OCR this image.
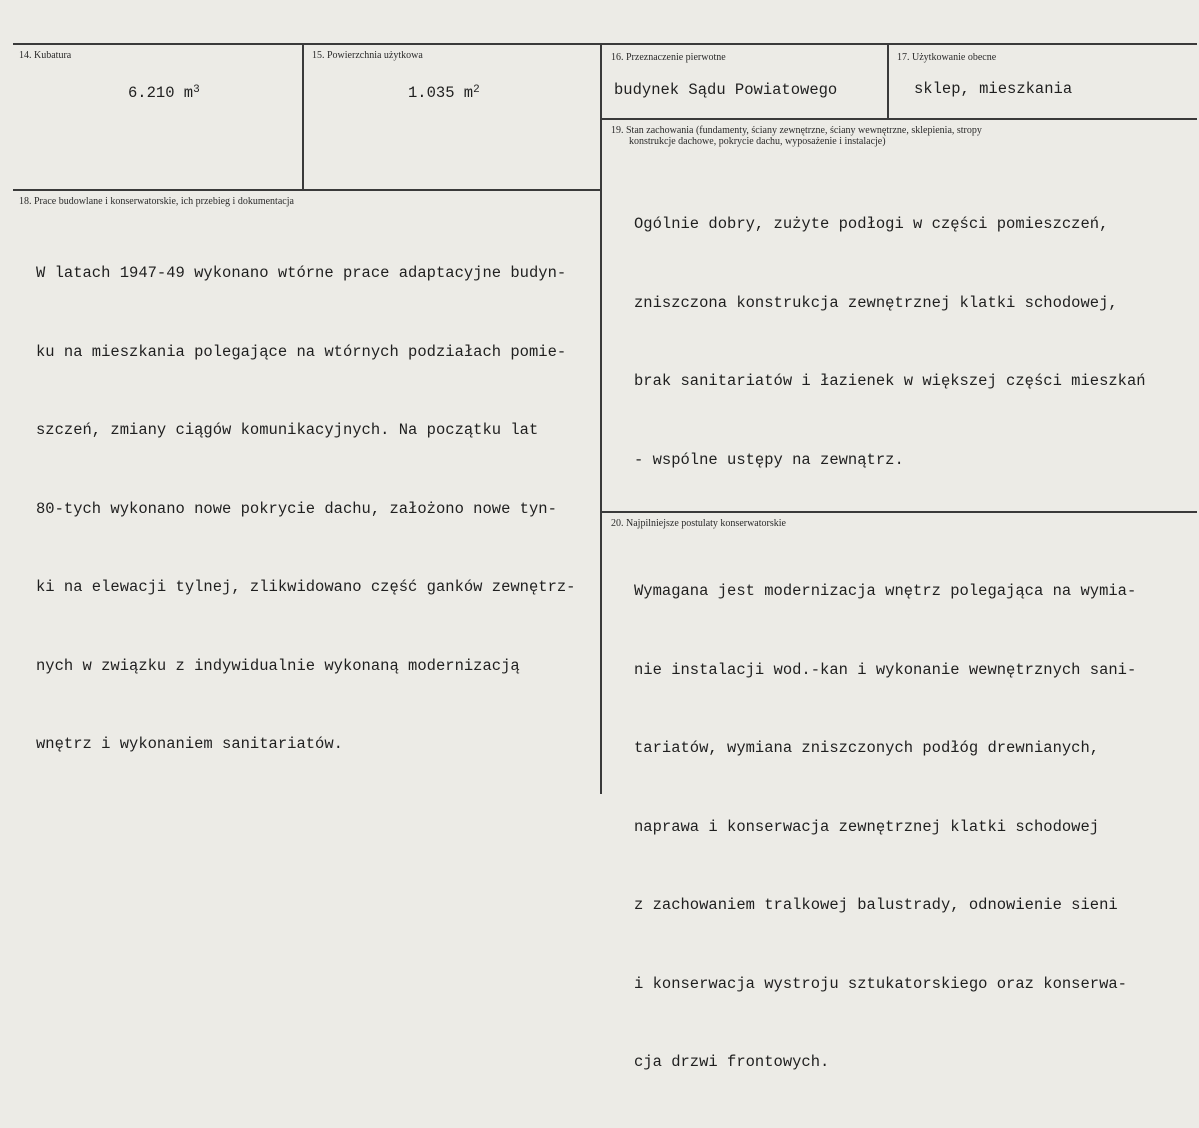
14. Kubatura
6.210 $m^3$
15. Powierzchnia użytkowa
1.035 $m^2$
16. Przeznaczenie pierwotne
budynek Sądu Powiatowego
17. Użytkowanie obecne
sklep, mieszkania
19. Stan zachowania (fundamenty, ściany zewnętrzne, ściany wewnętrzne, sklepienia, stropy
konstrukcje dachowe, pokrycie dachu, wyposażenie i instalacje)

Ogólnie dobry, zużyte podłogi w części pomieszczeń,

zniszczona konstrukcja zewnętrznej klatki schodowej,

brak sanitariatów i łazienek w większej części mieszkań

- wspólne ustępy na zewnątrz.

18. Prace budowlane i konserwatorskie, ich przebieg i dokumentacja

W latach 1947-49 wykonano wtórne prace adaptacyjne budyn-

ku na mieszkania polegające na wtórnych podziałach pomie-

szczeń, zmiany ciągów komunikacyjnych. Na początku lat

80-tych wykonano nowe pokrycie dachu, założono nowe tyn-

ki na elewacji tylnej, zlikwidowano część ganków zewnętrz-

nych w związku z indywidualnie wykonaną modernizacją

wnętrz i wykonaniem sanitariatów.

20. Najpilniejsze postulaty konserwatorskie

Wymagana jest modernizacja wnętrz polegająca na wymia-

nie instalacji wod.-kan i wykonanie wewnętrznych sani-

tariatów, wymiana zniszczonych podłóg drewnianych,

naprawa i konserwacja zewnętrznej klatki schodowej

z zachowaniem tralkowej balustrady, odnowienie sieni

i konserwacja wystroju sztukatorskiego oraz konserwa-

cja drzwi frontowych.
